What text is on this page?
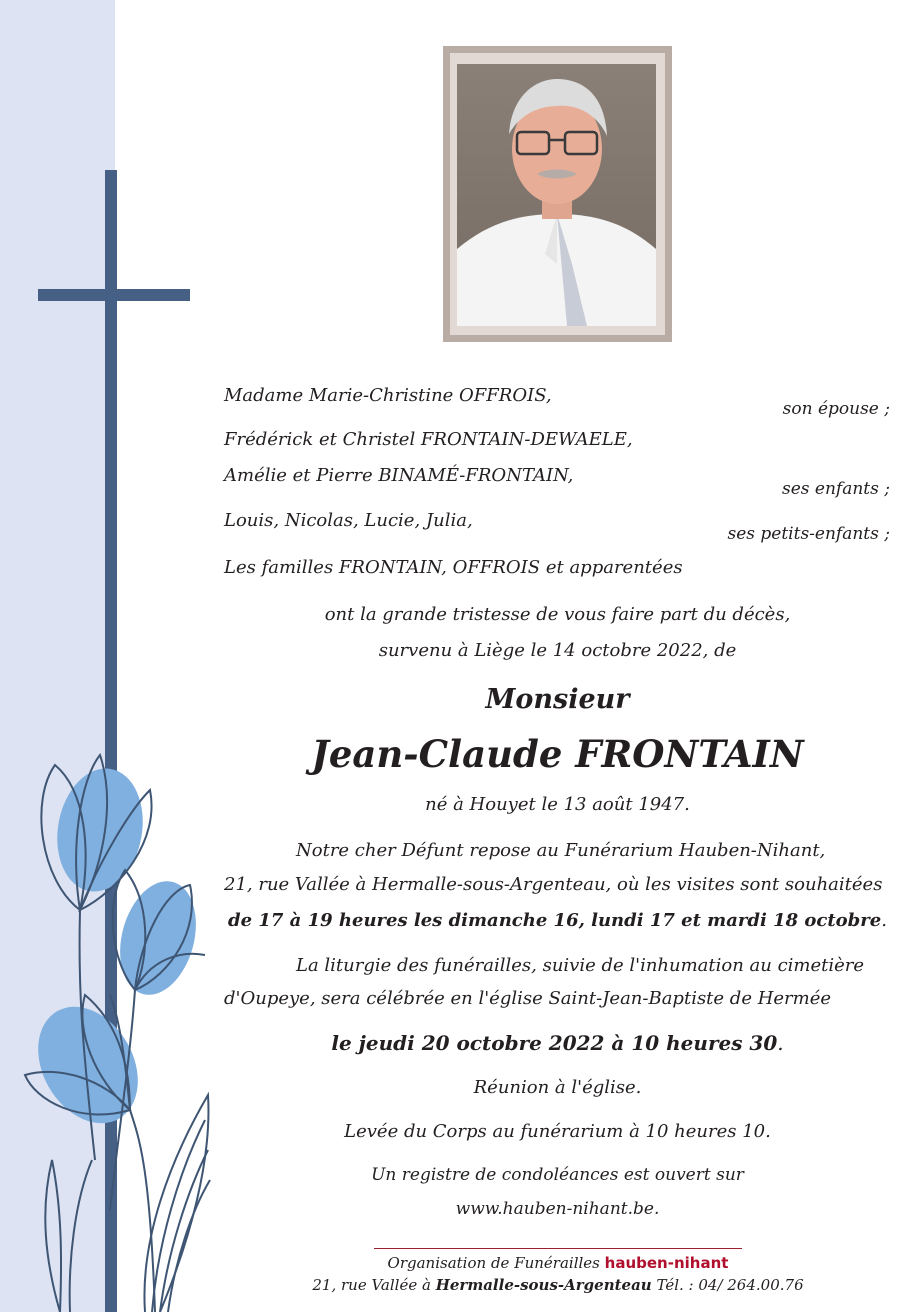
Madame Marie-Christine OFFROIS,
son épouse ;
Frédérick et Christel FRONTAIN-DEWAELE,
Amélie et Pierre BINAMÉ-FRONTAIN,
ses enfants ;
Louis, Nicolas, Lucie, Julia,
ses petits-enfants ;
Les familles FRONTAIN, OFFROIS et apparentées
ont la grande tristesse de vous faire part du décès,
survenu à Liège le 14 octobre 2022, de
Monsieur
Jean-Claude FRONTAIN
né à Houyet le 13 août 1947.
Notre cher Défunt repose au Funérarium Hauben-Nihant,
21, rue Vallée à Hermalle-sous-Argenteau, où les visites sont souhaitées
de 17 à 19 heures les dimanche 16, lundi 17 et mardi 18 octobre.
La liturgie des funérailles, suivie de l'inhumation au cimetière
d'Oupeye, sera célébrée en l'église Saint-Jean-Baptiste de Hermée
le jeudi 20 octobre 2022 à 10 heures 30.
Réunion à l'église.
Levée du Corps au funérarium à 10 heures 10.
Un registre de condoléances est ouvert sur
www.hauben-nihant.be.
Organisation de Funérailles hauben-nihant
21, rue Vallée à Hermalle-sous-Argenteau Tél. : 04/ 264.00.76
